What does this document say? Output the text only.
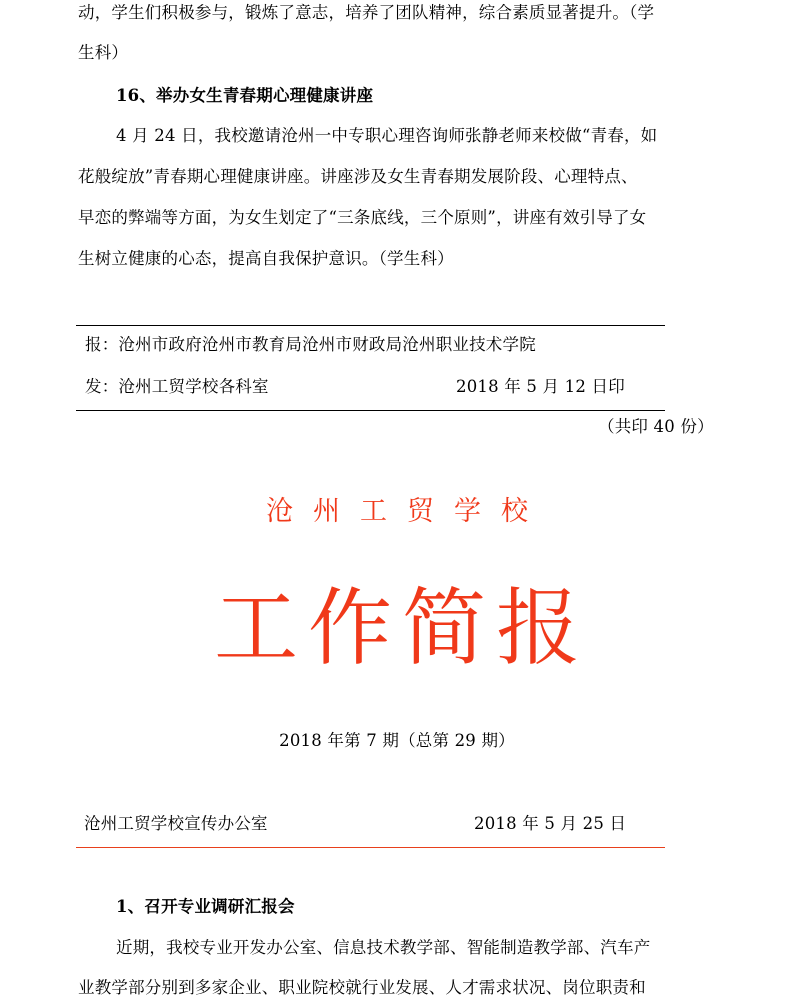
动，学生们积极参与，锻炼了意志，培养了团队精神，综合素质显著提升。（学
生科）
16、举办女生青春期心理健康讲座
4 月 24 日，我校邀请沧州一中专职心理咨询师张静老师来校做“青春，如
花般绽放”青春期心理健康讲座。讲座涉及女生青春期发展阶段、心理特点、
早恋的弊端等方面，为女生划定了“三条底线，三个原则”，讲座有效引导了女
生树立健康的心态，提高自我保护意识。（学生科）
报：沧州市政府沧州市教育局沧州市财政局沧州职业技术学院
发：沧州工贸学校各科室	2018 年 5 月 12 日印
（共印 40 份）
沧州工贸学校
工作简报
2018 年第 7 期（总第 29 期）
沧州工贸学校宣传办公室	2018 年 5 月 25 日
1、召开专业调研汇报会
近期，我校专业开发办公室、信息技术教学部、智能制造教学部、汽车产
业教学部分别到多家企业、职业院校就行业发展、人才需求状况、岗位职责和
